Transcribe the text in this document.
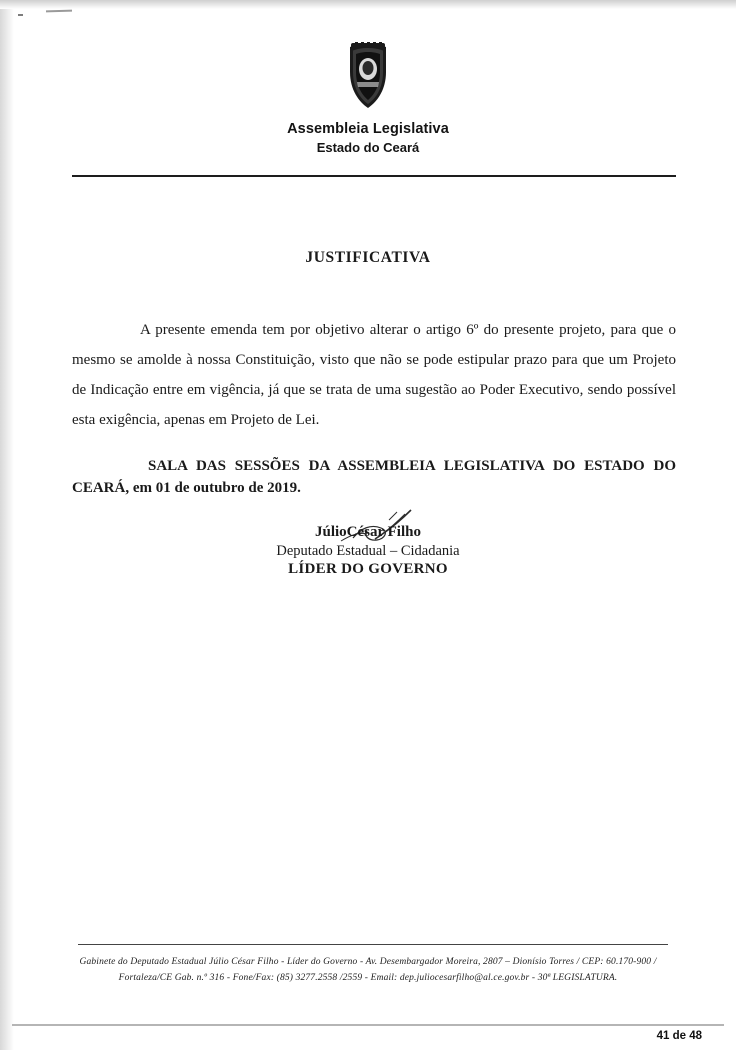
Assembleia Legislativa
Estado do Ceará
JUSTIFICATIVA
A presente emenda tem por objetivo alterar o artigo 6º do presente projeto, para que o mesmo se amolde à nossa Constituição, visto que não se pode estipular prazo para que um Projeto de Indicação entre em vigência, já que se trata de uma sugestão ao Poder Executivo, sendo possível esta exigência, apenas em Projeto de Lei.
SALA DAS SESSÕES DA ASSEMBLEIA LEGISLATIVA DO ESTADO DO CEARÁ, em 01 de outubro de 2019.
JúlioCésar Filho
Deputado Estadual – Cidadania
LÍDER DO GOVERNO
Gabinete do Deputado Estadual Júlio César Filho - Líder do Governo - Av. Desembargador Moreira, 2807 – Dionísio Torres / CEP: 60.170-900 /
Fortaleza/CE Gab. n.º 316 - Fone/Fax: (85) 3277.2558 /2559 - Email: dep.juliocesarfilho@al.ce.gov.br - 30ª LEGISLATURA.
41 de 48
